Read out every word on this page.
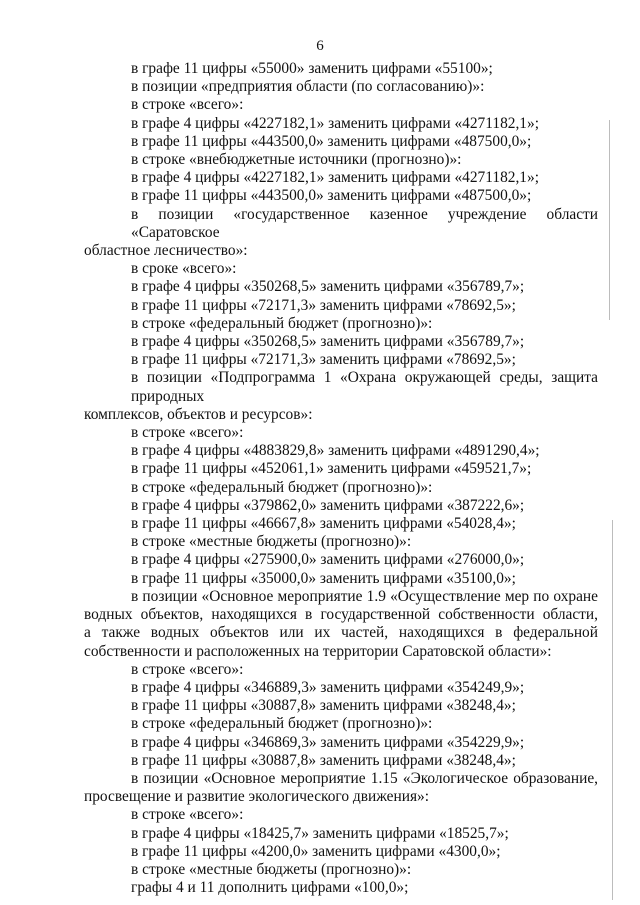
6

в графе 11 цифры «55000» заменить цифрами «55100»;

в позиции «предприятия области (по согласованию)»:

в строке «всего»:

в графе 4 цифры «4227182,1» заменить цифрами «4271182,1»;

в графе 11 цифры «443500,0» заменить цифрами «487500,0»;

в строке «внебюджетные источники (прогнозно)»:

в графе 4 цифры «4227182,1» заменить цифрами «4271182,1»;

в графе 11 цифры «443500,0» заменить цифрами «487500,0»;

в позиции «государственное казенное учреждение области «Саратовское

областное лесничество»:

в сроке «всего»:

в графе 4 цифры «350268,5» заменить цифрами «356789,7»;

в графе 11 цифры «72171,3» заменить цифрами «78692,5»;

в строке «федеральный бюджет (прогнозно)»:

в графе 4 цифры «350268,5» заменить цифрами «356789,7»;

в графе 11 цифры «72171,3» заменить цифрами «78692,5»;

в позиции «Подпрограмма 1 «Охрана окружающей среды, защита природных

комплексов, объектов и ресурсов»:

в строке «всего»:

в графе 4 цифры «4883829,8» заменить цифрами «4891290,4»;

в графе 11 цифры «452061,1» заменить цифрами «459521,7»;

в строке «федеральный бюджет (прогнозно)»:

в графе 4 цифры «379862,0» заменить цифрами «387222,6»;

в графе 11 цифры «46667,8» заменить цифрами «54028,4»;

в строке «местные бюджеты (прогнозно)»:

в графе 4 цифры «275900,0» заменить цифрами «276000,0»;

в графе 11 цифры «35000,0» заменить цифрами «35100,0»;

в позиции «Основное мероприятие 1.9 «Осуществление мер по охране

водных объектов, находящихся в государственной собственности области,

а также водных объектов или их частей, находящихся в федеральной

собственности и расположенных на территории Саратовской области»:

в строке «всего»:

в графе 4 цифры «346889,3» заменить цифрами «354249,9»;

в графе 11 цифры «30887,8» заменить цифрами «38248,4»;

в строке «федеральный бюджет (прогнозно)»:

в графе 4 цифры «346869,3» заменить цифрами «354229,9»;

в графе 11 цифры «30887,8» заменить цифрами «38248,4»;

в позиции «Основное мероприятие 1.15 «Экологическое образование,

просвещение и развитие экологического движения»:

в строке «всего»:

в графе 4 цифры «18425,7» заменить цифрами «18525,7»;

в графе 11 цифры «4200,0» заменить цифрами «4300,0»;

в строке «местные бюджеты (прогнозно)»:

графы 4 и 11 дополнить цифрами «100,0»;
